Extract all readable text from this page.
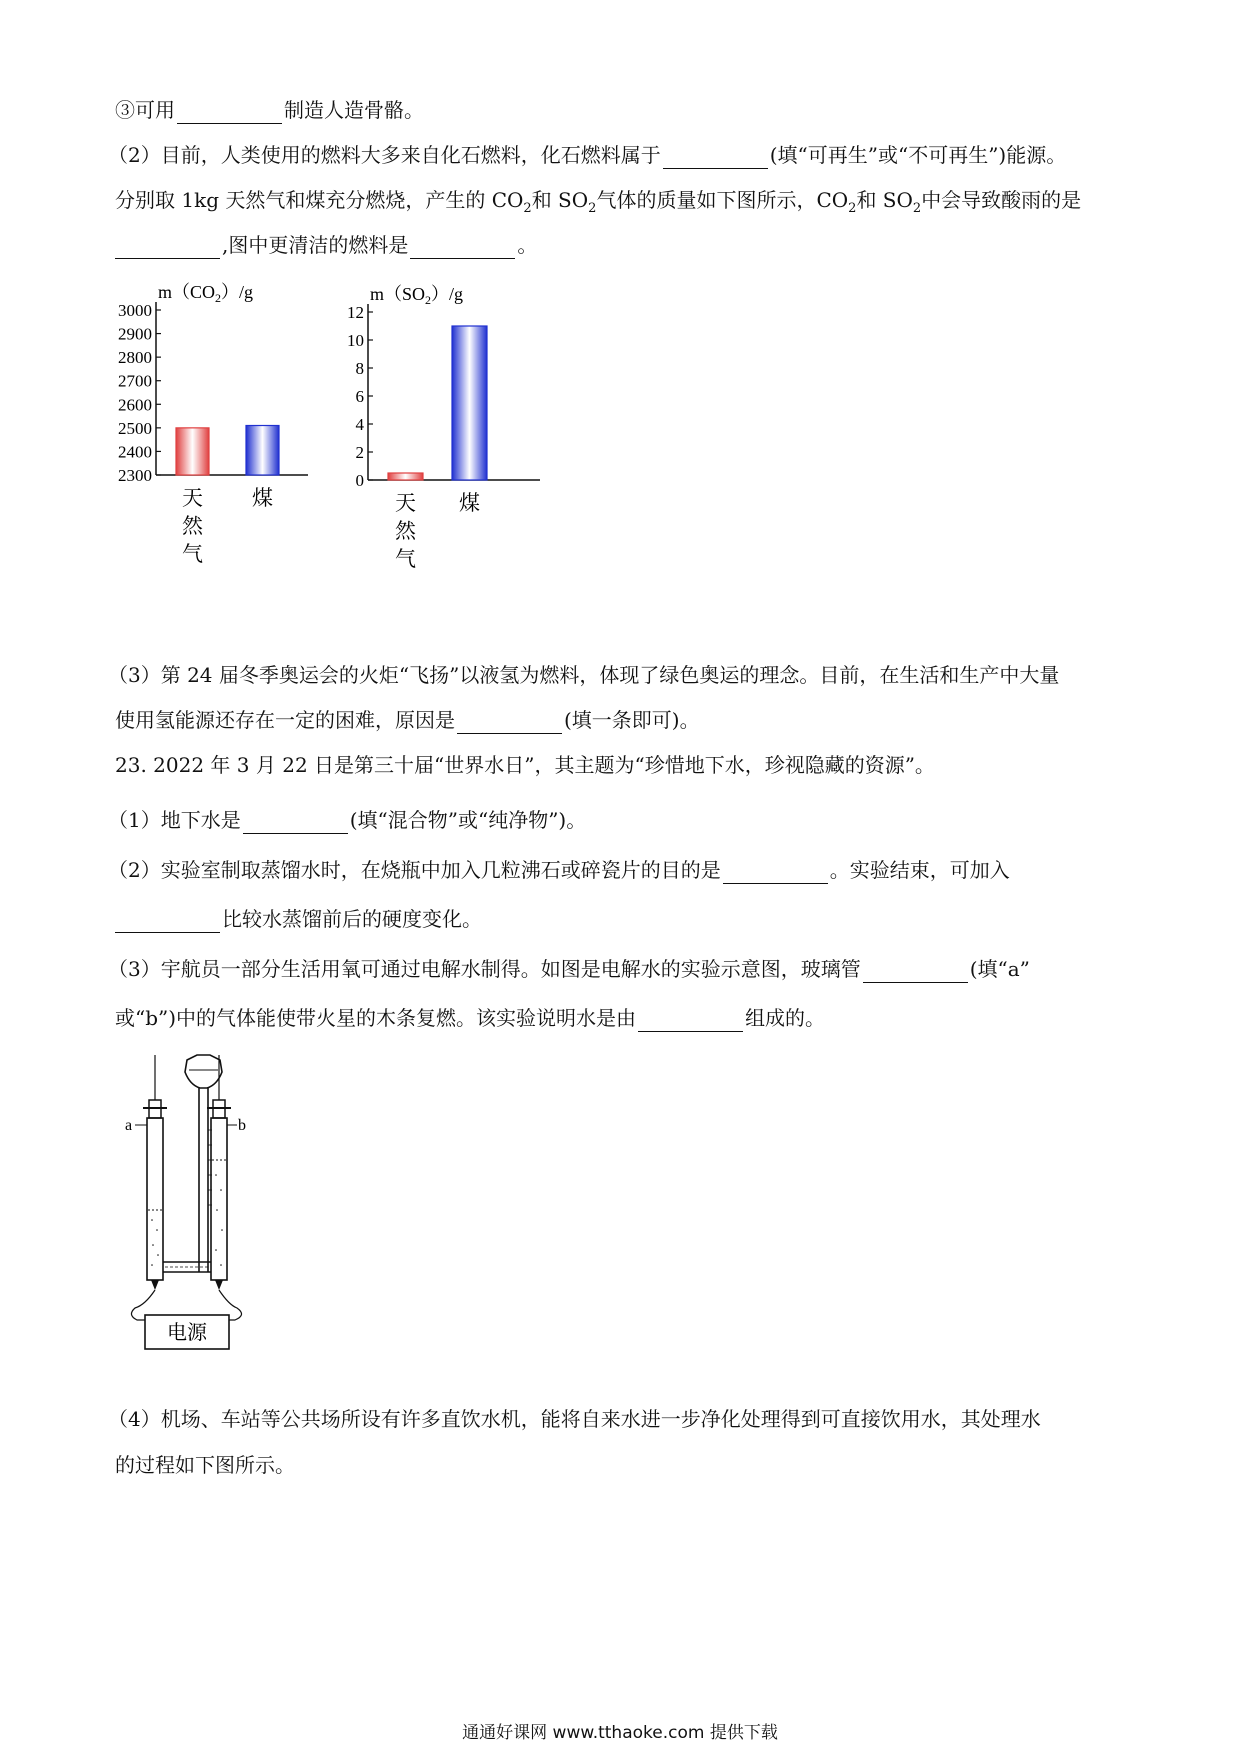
③可用	制造人造骨骼。
（2）目前，人类使用的燃料大多来自化石燃料，化石燃料属于	(填“可再生”或“不可再生”)能源。
分别取 1kg 天然气和煤充分燃烧，产生的 $CO_2$和 $SO_2$气体的质量如下图所示，$CO_2$和 $SO_2$中会导致酸雨的是
,图中更清洁的燃料是	。
$m(CO_2)/g$
2300
2400
2500
2600
2700
2800
2900
3000
天然气
煤
$m(SO_2)/g$
0
2
4
6
8
10
12
天然气
煤
（3）第 24 届冬季奥运会的火炬“飞扬”以液氢为燃料，体现了绿色奥运的理念。目前，在生活和生产中大量
使用氢能源还存在一定的困难，原因是	(填一条即可)。
23. 2022 年 3 月 22 日是第三十届“世界水日”，其主题为“珍惜地下水，珍视隐藏的资源”。
（1）地下水是	(填“混合物”或“纯净物”)。
（2）实验室制取蒸馏水时，在烧瓶中加入几粒沸石或碎瓷片的目的是	。实验结束，可加入
比较水蒸馏前后的硬度变化。
（3）宇航员一部分生活用氧可通过电解水制得。如图是电解水的实验示意图，玻璃管	(填“a”
或“b”)中的气体能使带火星的木条复燃。该实验说明水是由	组成的。
a	b
电源
（4）机场、车站等公共场所设有许多直饮水机，能将自来水进一步净化处理得到可直接饮用水，其处理水
的过程如下图所示。
通通好课网 www.tthaoke.com 提供下载
